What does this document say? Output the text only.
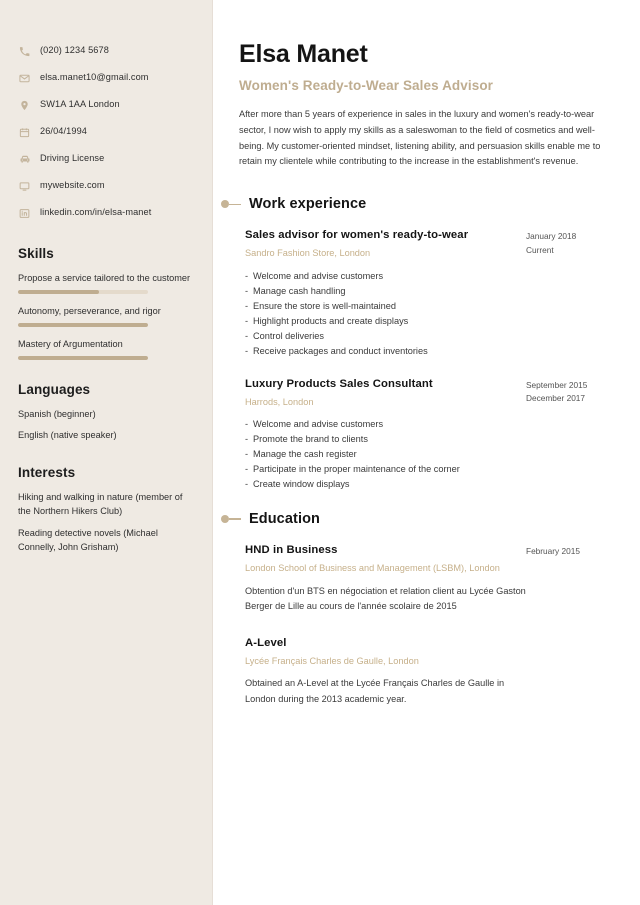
(020) 1234 5678
elsa.manet10@gmail.com
SW1A 1AA London
26/04/1994
Driving License
mywebsite.com
linkedin.com/in/elsa-manet
Skills
Propose a service tailored to the customer
Autonomy, perseverance, and rigor
Mastery of Argumentation
Languages
Spanish (beginner)
English (native speaker)
Interests
Hiking and walking in nature (member of the Northern Hikers Club)
Reading detective novels (Michael Connelly, John Grisham)
Elsa Manet
Women's Ready-to-Wear Sales Advisor

After more than 5 years of experience in sales in the luxury and women's ready-to-wear sector, I now wish to apply my skills as a saleswoman to the field of cosmetics and well-being. My customer-oriented mindset, listening ability, and persuasion skills enable me to retain my clientele while contributing to the increase in the establishment's revenue.

Work experience
Sales advisor for women's ready-to-wear
Sandro Fashion Store, London
- Welcome and advise customers
- Manage cash handling
- Ensure the store is well-maintained
- Highlight products and create displays
- Control deliveries
- Receive packages and conduct inventories
January 2018
Current
Luxury Products Sales Consultant
Harrods, London
- Welcome and advise customers
- Promote the brand to clients
- Manage the cash register
- Participate in the proper maintenance of the corner
- Create window displays
September 2015
December 2017
Education
HND in Business
London School of Business and Management (LSBM), London
Obtention d'un BTS en négociation et relation client au Lycée Gaston Berger de Lille au cours de l'année scolaire de 2015
February 2015
A-Level
Lycée Français Charles de Gaulle, London
Obtained an A-Level at the Lycée Français Charles de Gaulle in London during the 2013 academic year.
